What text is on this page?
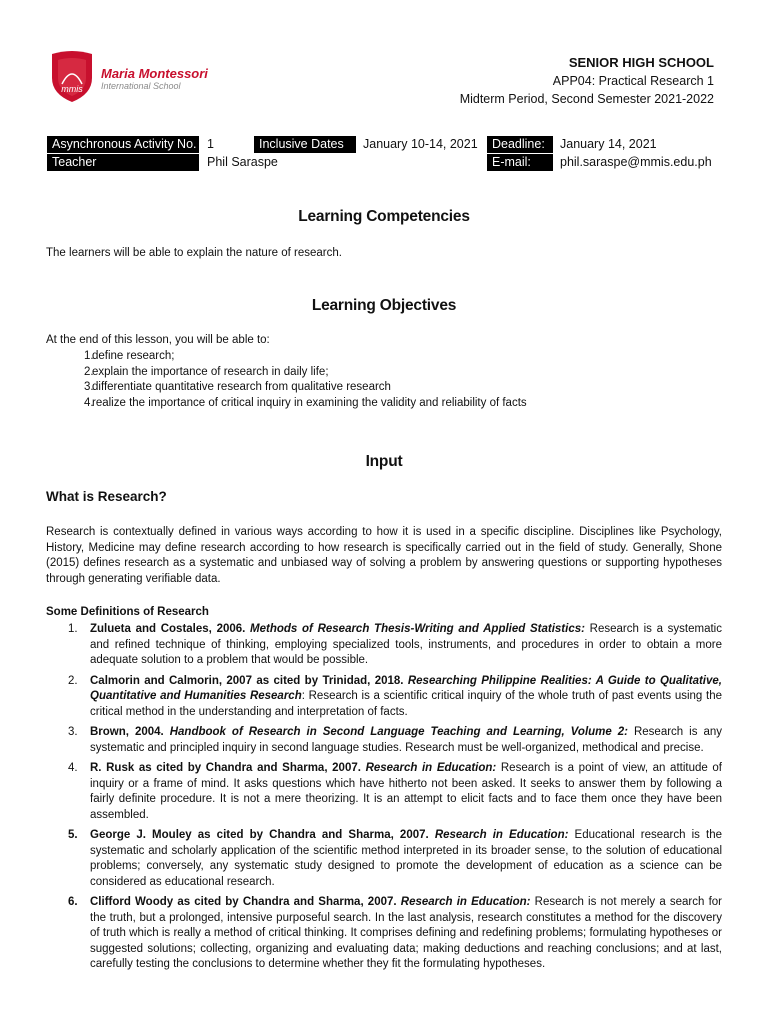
mmis
Maria Montessori
International School
SENIOR HIGH SCHOOL
APP04: Practical Research 1
Midterm Period, Second Semester 2021-2022
Asynchronous Activity No. 1	Inclusive Dates	January 10-14, 2021	Deadline:	January 14, 2021
Teacher	Phil Saraspe	E-mail:	phil.saraspe@mmis.edu.ph
Learning Competencies
The learners will be able to explain the nature of research.
Learning Objectives
At the end of this lesson, you will be able to:
1.define research;
2.explain the importance of research in daily life;
3.differentiate quantitative research from qualitative research
4.realize the importance of critical inquiry in examining the validity and reliability of facts
Input
What is Research?
Research is contextually defined in various ways according to how it is used in a specific discipline. Disciplines like Psychology, History, Medicine may define research according to how research is specifically carried out in the field of study. Generally, Shone (2015) defines research as a systematic and unbiased way of solving a problem by answering questions or supporting hypotheses through generating verifiable data.
Some Definitions of Research
1. Zulueta and Costales, 2006. Methods of Research Thesis-Writing and Applied Statistics: Research is a systematic and refined technique of thinking, employing specialized tools, instruments, and procedures in order to obtain a more adequate solution to a problem that would be possible.
2. Calmorin and Calmorin, 2007 as cited by Trinidad, 2018. Researching Philippine Realities: A Guide to Qualitative, Quantitative and Humanities Research: Research is a scientific critical inquiry of the whole truth of past events using the critical method in the understanding and interpretation of facts.
3. Brown, 2004. Handbook of Research in Second Language Teaching and Learning, Volume 2: Research is any systematic and principled inquiry in second language studies. Research must be well-organized, methodical and precise.
4. R. Rusk as cited by Chandra and Sharma, 2007. Research in Education: Research is a point of view, an attitude of inquiry or a frame of mind. It asks questions which have hitherto not been asked. It seeks to answer them by following a fairly definite procedure. It is not a mere theorizing. It is an attempt to elicit facts and to face them once they have been assembled.
5. George J. Mouley as cited by Chandra and Sharma, 2007. Research in Education: Educational research is the systematic and scholarly application of the scientific method interpreted in its broader sense, to the solution of educational problems; conversely, any systematic study designed to promote the development of education as a science can be considered as educational research.
6. Clifford Woody as cited by Chandra and Sharma, 2007. Research in Education: Research is not merely a search for the truth, but a prolonged, intensive purposeful search. In the last analysis, research constitutes a method for the discovery of truth which is really a method of critical thinking. It comprises defining and redefining problems; formulating hypotheses or suggested solutions; collecting, organizing and evaluating data; making deductions and reaching conclusions; and at last, carefully testing the conclusions to determine whether they fit the formulating hypotheses.
